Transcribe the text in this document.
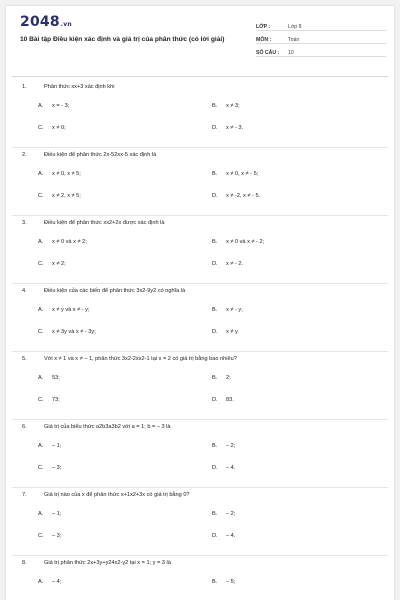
2048.vn
10 Bài tập Điều kiện xác định và giá trị của phân thức (có lời giải)
LỚP :	Lớp 8
MÔN :	Toán
SỐ CÂU :	10
1.	Phân thức xx+3 xác định khi
A. x = - 3;	B. x ≠ 3;
C. x ≠ 0;	D. x ≠ - 3.
2.	Điều kiện để phân thức 2x-52xx-5 xác định là
A. x ≠ 0, x ≠ 5;	B. x ≠ 0, x ≠ - 5;
C. x ≠ 2, x ≠ 5;	D. x ≠ -2, x ≠ - 5.
3.	Điều kiện để phân thức xx2+2x được xác định là
A. x ≠ 0 và x ≠ 2;	B. x ≠ 0 và x ≠ - 2;
C. x ≠ 2;	D. x ≠ - 2.
4.	Điều kiện của các biến để phân thức 3x2-9y2 có nghĩa là
A. x ≠ y và x ≠ - y;	B. x ≠ - y;
C. x ≠ 3y và x ≠ - 3y;	D. x ≠ y.
5.	Với x ≠ 1 và x ≠ – 1, phân thức 3x2-2xx2-1 tại x = 2 có giá trị bằng bao nhiêu?
A. 53;	B. 2;
C. 73;	D. 83.
6.	Giá trị của biểu thức a2b3a3b2 với a = 1; b = – 3 là
A. – 1;	B. – 2;
C. – 3;	D. – 4.
7.	Giá trị nào của x để phân thức x+1x2+3x có giá trị bằng 0?
A. – 1;	B. – 2;
C. – 3;	D. – 4.
8.	Giá trị phân thức 2x+3y+y24x2-y2 tại x = 1; y = 3 là
A. – 4;	B. – 5;
